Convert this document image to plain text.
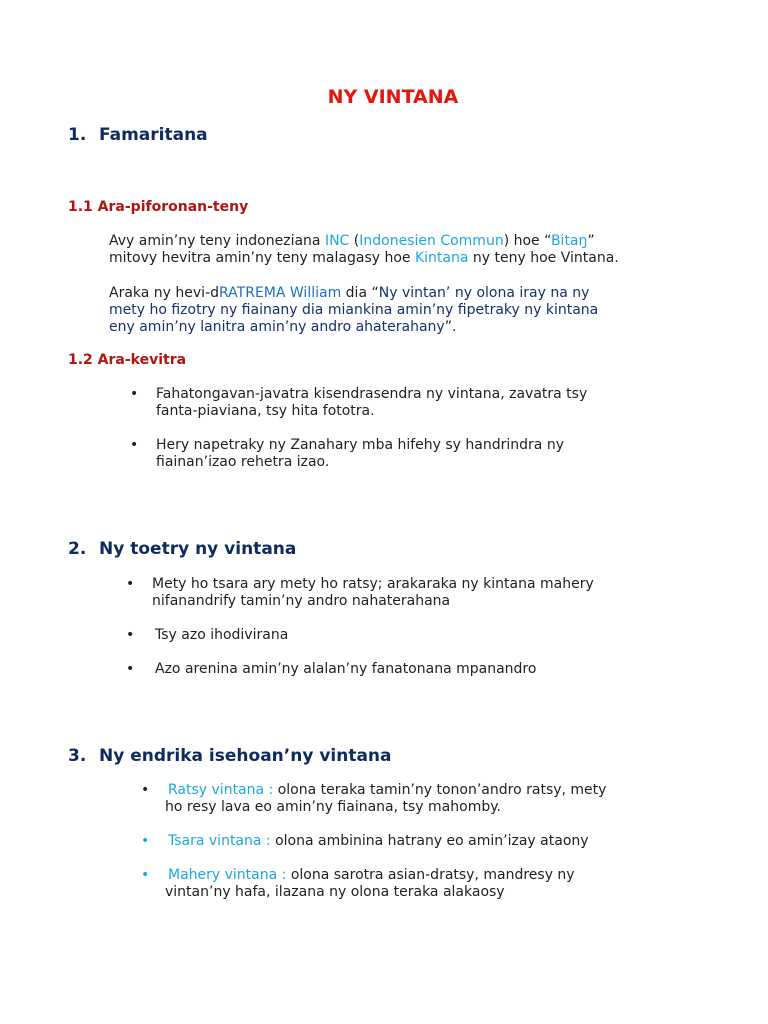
NY VINTANA
1. Famaritana
1.1 Ara-piforonan-teny
Avy amin’ny teny indoneziana INC (Indonesien Commun) hoe “Bitaŋ”
mitovy hevitra amin’ny teny malagasy hoe Kintana ny teny hoe Vintana.
Araka ny hevi-dRATREMA William dia “Ny vintan’ ny olona iray na ny
mety ho fizotry ny fiainany dia miankina amin’ny fipetraky ny kintana
eny amin’ny lanitra amin’ny andro ahaterahany”.
1.2 Ara-kevitra
• Fahatongavan-javatra kisendrasendra ny vintana, zavatra tsy
fanta-piaviana, tsy hita fototra.
• Hery napetraky ny Zanahary mba hifehy sy handrindra ny
fiainan’izao rehetra izao.
2. Ny toetry ny vintana
• Mety ho tsara ary mety ho ratsy; arakaraka ny kintana mahery
nifanandrify tamin’ny andro nahaterahana
• Tsy azo ihodivirana
• Azo arenina amin’ny alalan’ny fanatonana mpanandro
3. Ny endrika isehoan’ny vintana
• Ratsy vintana : olona teraka tamin’ny tonon’andro ratsy, mety
ho resy lava eo amin’ny fiainana, tsy mahomby.
• Tsara vintana : olona ambinina hatrany eo amin’izay ataony
• Mahery vintana : olona sarotra asian-dratsy, mandresy ny
vintan’ny hafa, ilazana ny olona teraka alakaosy
